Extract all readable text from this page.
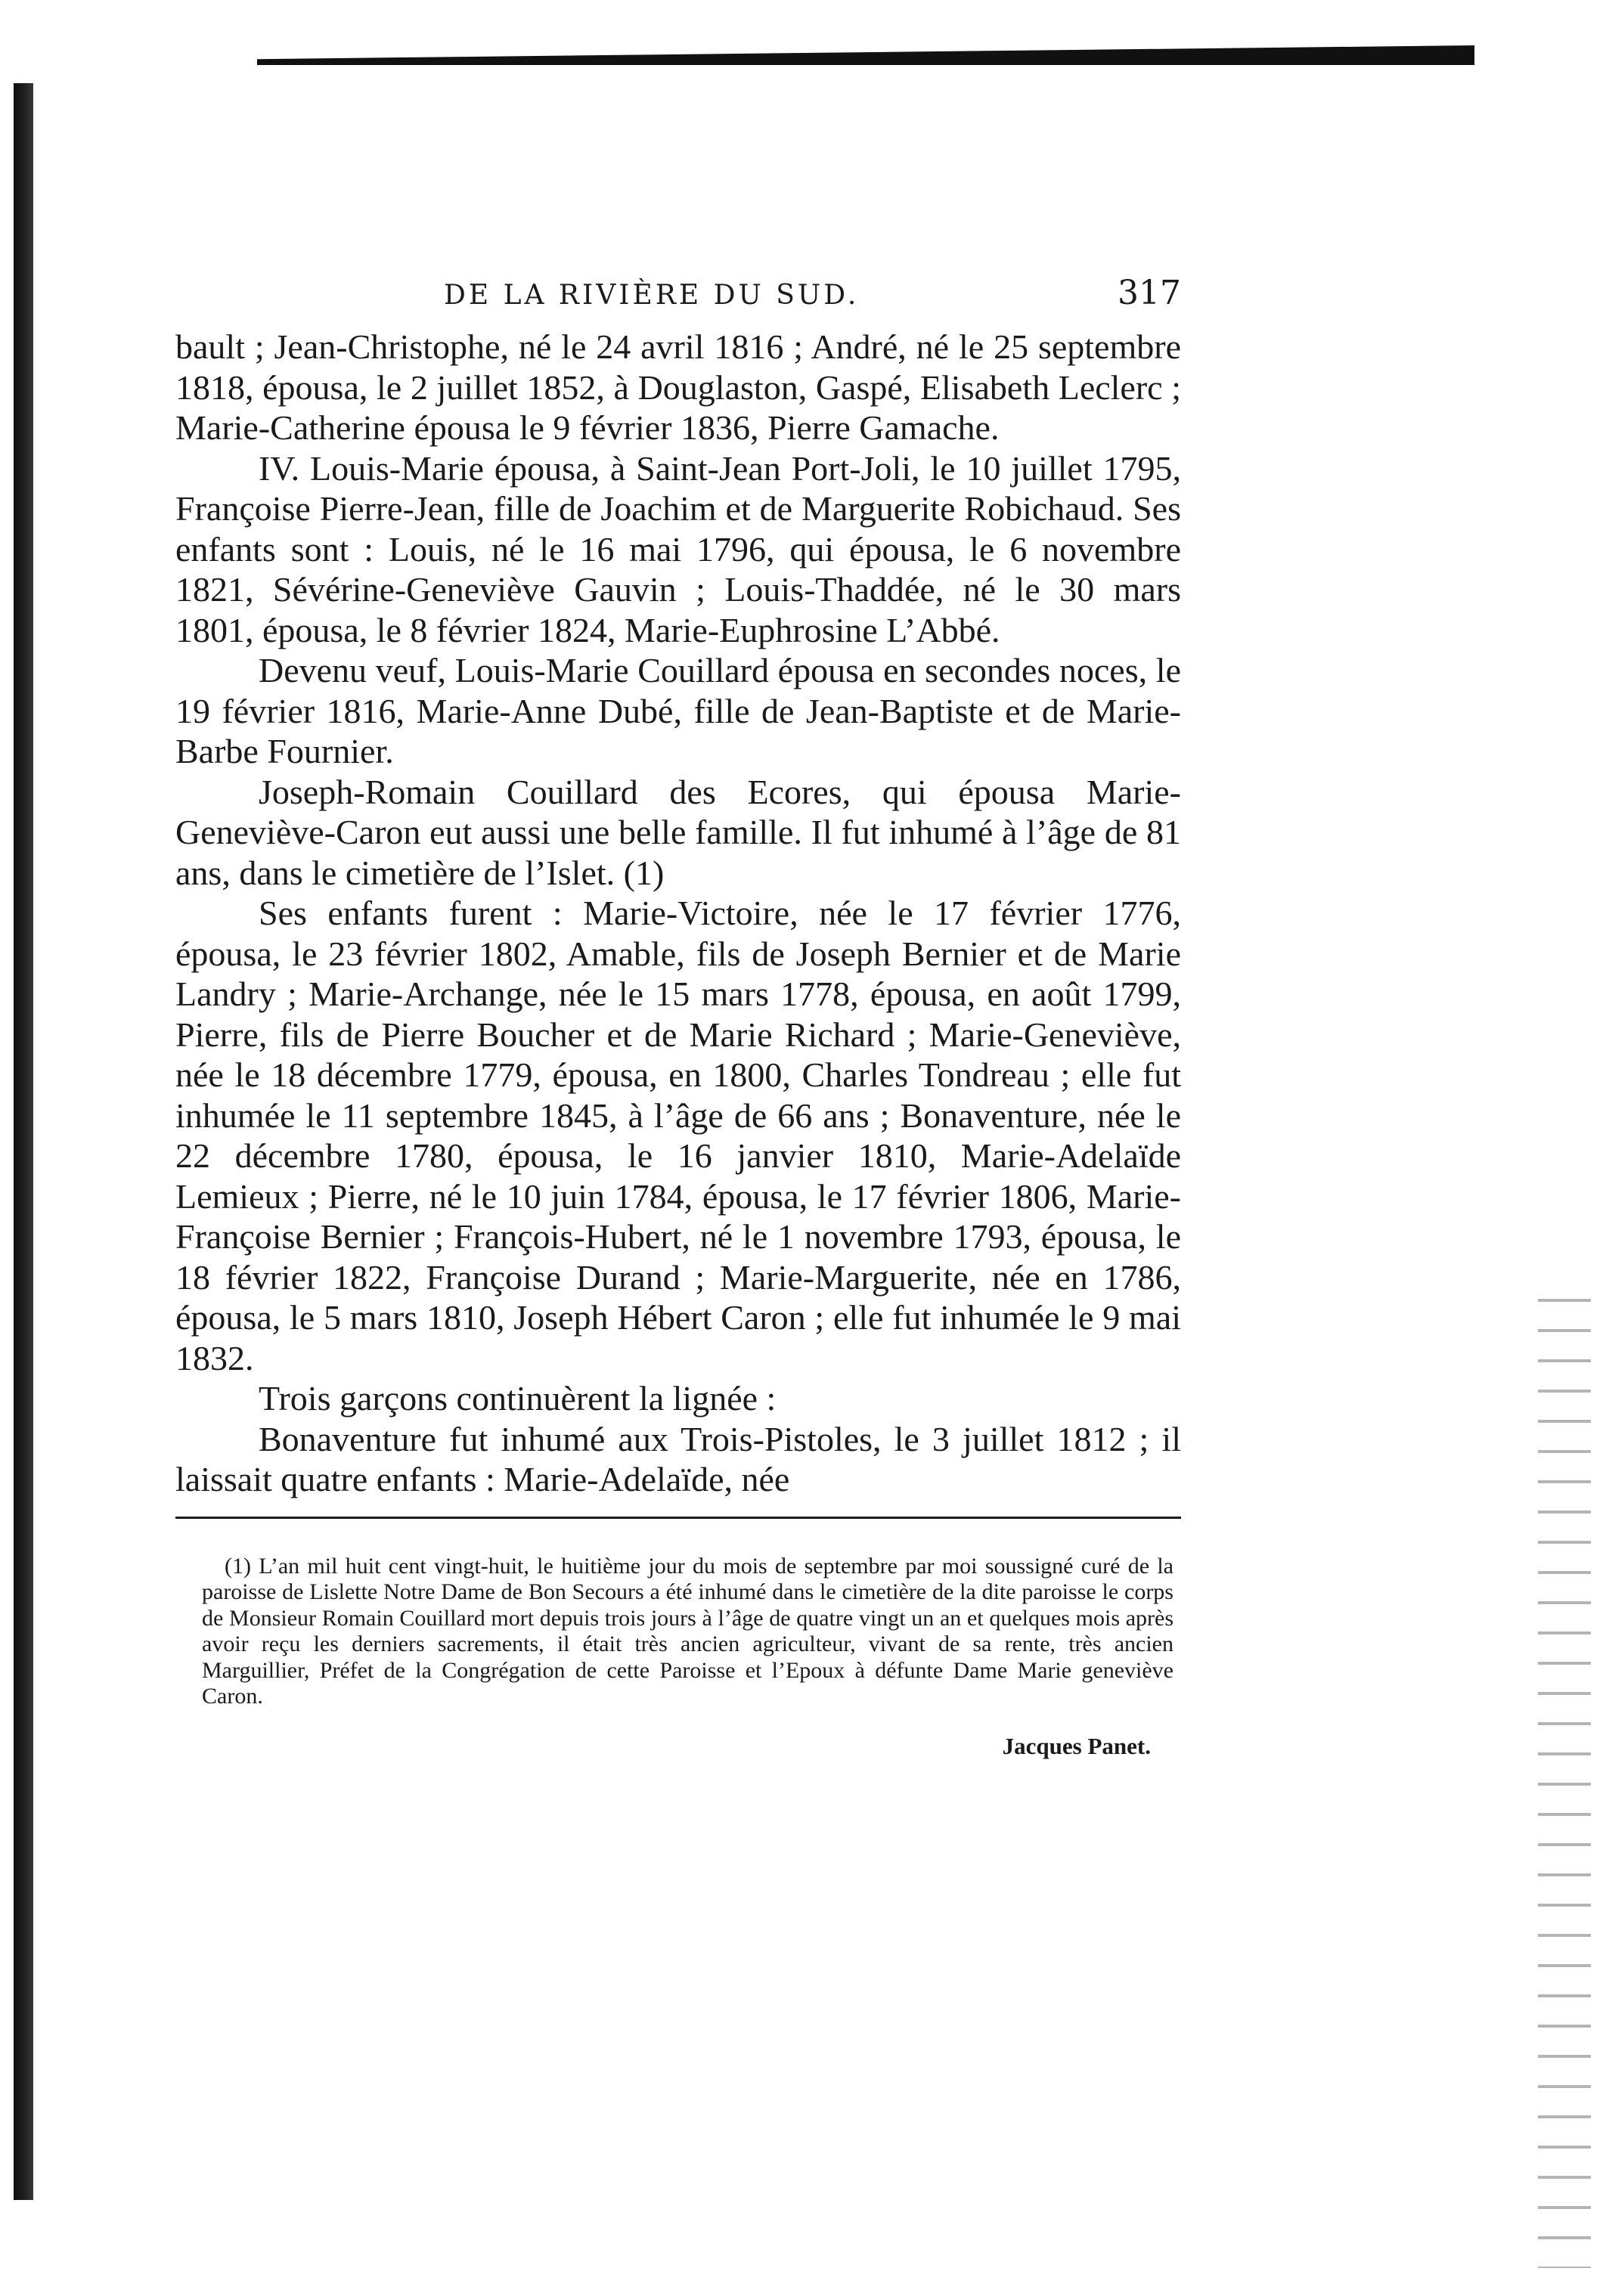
DE LA RIVIÈRE DU SUD.	317

bault ; Jean-Christophe, né le 24 avril 1816 ; André, né le 25 septembre 1818, épousa, le 2 juillet 1852, à Douglaston, Gaspé, Elisabeth Leclerc ; Marie-Catherine épousa le 9 février 1836, Pierre Gamache.

IV. Louis-Marie épousa, à Saint-Jean Port-Joli, le 10 juillet 1795, Françoise Pierre-Jean, fille de Joachim et de Marguerite Robichaud. Ses enfants sont : Louis, né le 16 mai 1796, qui épousa, le 6 novembre 1821, Sévérine-Geneviève Gauvin ; Louis-Thaddée, né le 30 mars 1801, épousa, le 8 février 1824, Marie-Euphrosine L’Abbé.

Devenu veuf, Louis-Marie Couillard épousa en secondes noces, le 19 février 1816, Marie-Anne Dubé, fille de Jean-Baptiste et de Marie-Barbe Fournier.

Joseph-Romain Couillard des Ecores, qui épousa Marie-Geneviève-Caron eut aussi une belle famille. Il fut inhumé à l’âge de 81 ans, dans le cimetière de l’Islet. (1)

Ses enfants furent : Marie-Victoire, née le 17 février 1776, épousa, le 23 février 1802, Amable, fils de Joseph Bernier et de Marie Landry ; Marie-Archange, née le 15 mars 1778, épousa, en août 1799, Pierre, fils de Pierre Boucher et de Marie Richard ; Marie-Geneviève, née le 18 décembre 1779, épousa, en 1800, Charles Tondreau ; elle fut inhumée le 11 septembre 1845, à l’âge de 66 ans ; Bonaventure, née le 22 décembre 1780, épousa, le 16 janvier 1810, Marie-Adelaïde Lemieux ; Pierre, né le 10 juin 1784, épousa, le 17 février 1806, Marie-Françoise Bernier ; François-Hubert, né le 1 novembre 1793, épousa, le 18 février 1822, Françoise Durand ; Marie-Marguerite, née en 1786, épousa, le 5 mars 1810, Joseph Hébert Caron ; elle fut inhumée le 9 mai 1832.

Trois garçons continuèrent la lignée :

Bonaventure fut inhumé aux Trois-Pistoles, le 3 juillet 1812 ; il laissait quatre enfants : Marie-Adelaïde, née

(1) L’an mil huit cent vingt-huit, le huitième jour du mois de septembre par moi soussigné curé de la paroisse de Lislette Notre Dame de Bon Secours a été inhumé dans le cimetière de la dite paroisse le corps de Monsieur Romain Couillard mort depuis trois jours à l’âge de quatre vingt un an et quelques mois après avoir reçu les derniers sacrements, il était très ancien agriculteur, vivant de sa rente, très ancien Marguillier, Préfet de la Congrégation de cette Paroisse et l’Epoux à défunte Dame Marie geneviève Caron.
Jacques Panet.
